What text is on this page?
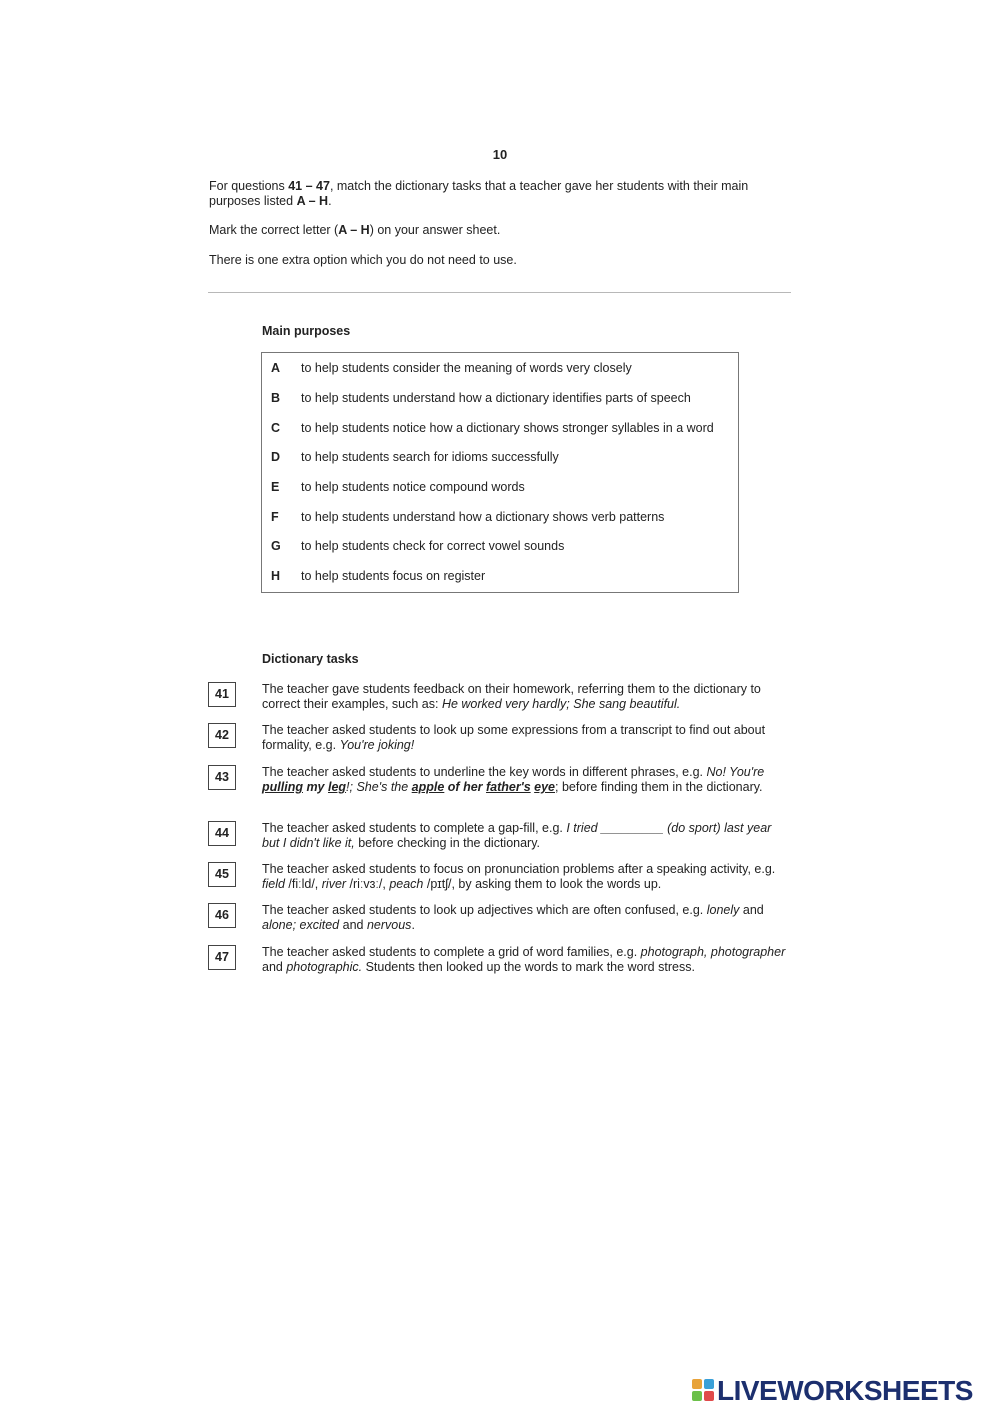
10
For questions 41 – 47, match the dictionary tasks that a teacher gave her students with their main purposes listed A – H.
Mark the correct letter (A – H) on your answer sheet.
There is one extra option which you do not need to use.
Main purposes
A to help students consider the meaning of words very closely
B to help students understand how a dictionary identifies parts of speech
C to help students notice how a dictionary shows stronger syllables in a word
D to help students search for idioms successfully
E to help students notice compound words
F to help students understand how a dictionary shows verb patterns
G to help students check for correct vowel sounds
H to help students focus on register
Dictionary tasks
41	The teacher gave students feedback on their homework, referring them to the dictionary to correct their examples, such as: He worked very hardly; She sang beautiful.
42	The teacher asked students to look up some expressions from a transcript to find out about formality, e.g. You're joking!
43	The teacher asked students to underline the key words in different phrases, e.g. No! You're pulling my leg!; She's the apple of her father's eye; before finding them in the dictionary.
44	The teacher asked students to complete a gap-fill, e.g. I tried _________ (do sport) last year but I didn't like it, before checking in the dictionary.
45	The teacher asked students to focus on pronunciation problems after a speaking activity, e.g. field /fiːld/, river /riːvɜː/, peach /pɪtʃ/, by asking them to look the words up.
46	The teacher asked students to look up adjectives which are often confused, e.g. lonely and alone; excited and nervous.
47	The teacher asked students to complete a grid of word families, e.g. photograph, photographer and photographic. Students then looked up the words to mark the word stress.
LIVEWORKSHEETS
